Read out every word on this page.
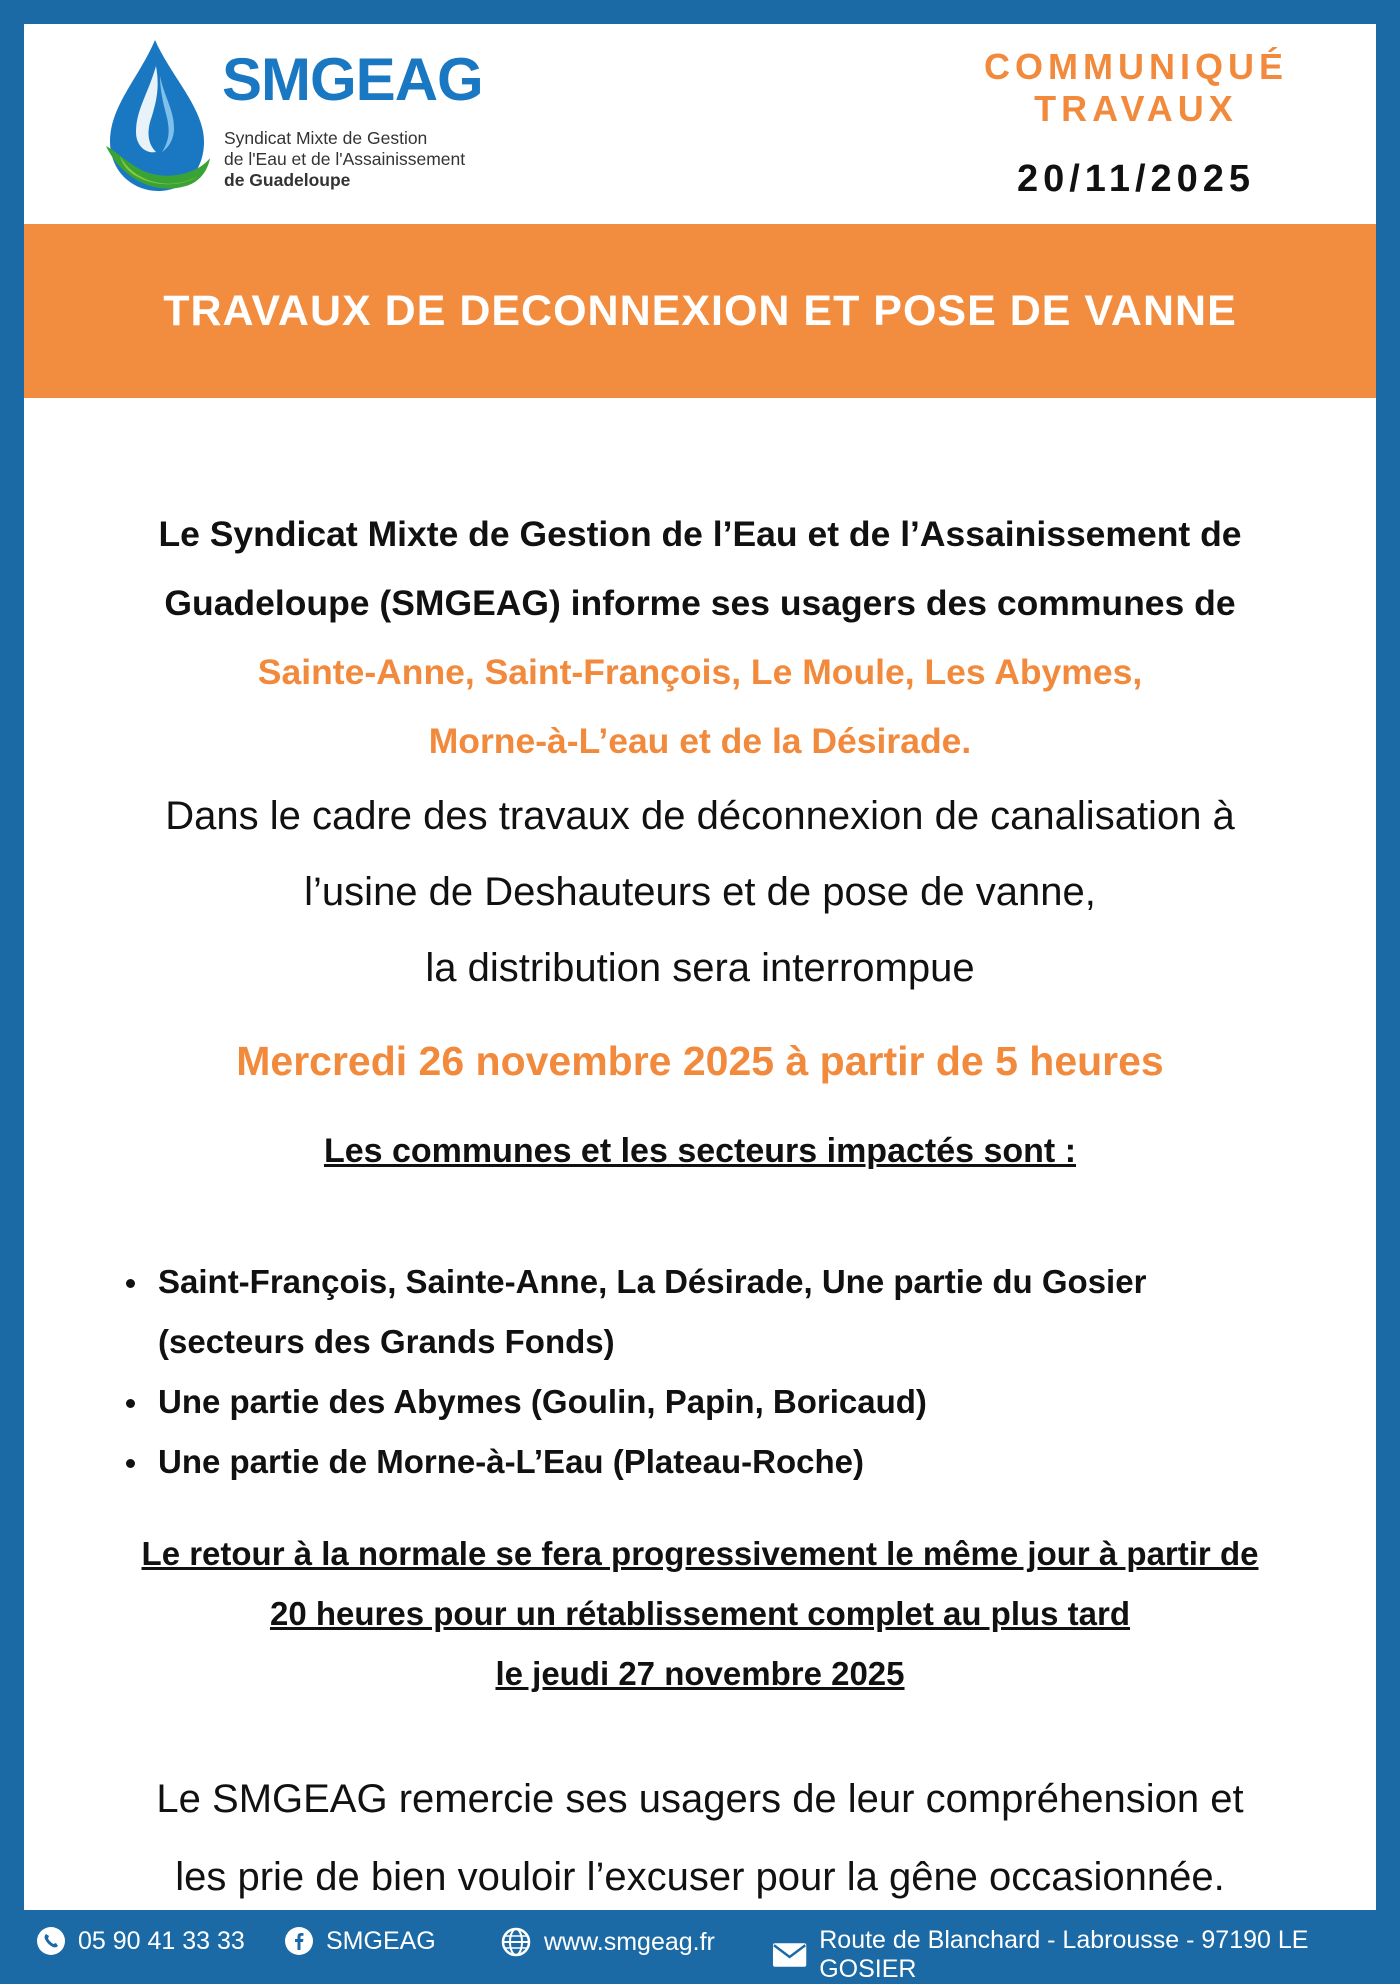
SMGEAG
Syndicat Mixte de Gestion
de l'Eau et de l'Assainissement
de Guadeloupe
COMMUNIQUÉ
TRAVAUX
20/11/2025
TRAVAUX DE DECONNEXION ET POSE DE VANNE
Le Syndicat Mixte de Gestion de l’Eau et de l’Assainissement de
Guadeloupe (SMGEAG) informe ses usagers des communes de
Sainte-Anne, Saint-François, Le Moule, Les Abymes,
Morne-à-L’eau et de la Désirade.
Dans le cadre des travaux de déconnexion de canalisation à
l’usine de Deshauteurs et de pose de vanne,
la distribution sera interrompue
Mercredi 26 novembre 2025 à partir de 5 heures
Les communes et les secteurs impactés sont :
Saint-François, Sainte-Anne, La Désirade, Une partie du Gosier
(secteurs des Grands Fonds)
Une partie des Abymes (Goulin, Papin, Boricaud)
Une partie de Morne-à-L’Eau (Plateau-Roche)
Le retour à la normale se fera progressivement le même jour à partir de
20 heures pour un rétablissement complet au plus tard
le jeudi 27 novembre 2025
Le SMGEAG remercie ses usagers de leur compréhension et
les prie de bien vouloir l’excuser pour la gêne occasionnée.
05 90 41 33 33	SMGEAG	www.smgeag.fr	Route de Blanchard - Labrousse - 97190 LE GOSIER
